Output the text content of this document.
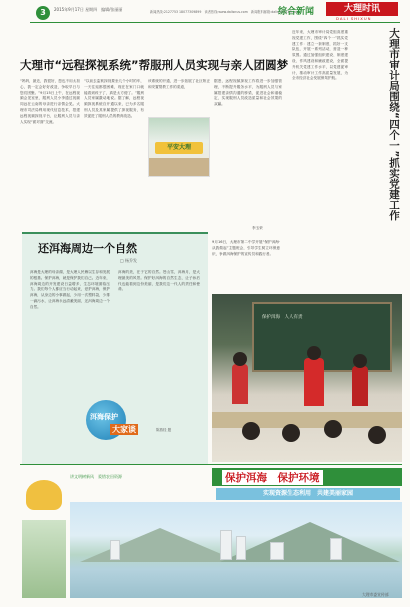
3	2015年9月17日 星期四　编辑/张丽丽	新闻热线:2127753 18077309899　读者热线:www.dalisnus.com　新闻报料邮箱:dalisnx@163.com
综合新闻	大理时讯
DALI SHIXUN
大理市“远程探视系统”帮服刑人员实现与亲人团圆梦
“妈妈，最近，我很好，您也不用太担心，我一定会好好改造，争取早日与您们团聚。”9月15日上午，在远程视频会见室里，服刑人员小李通过视频同远在云南的母亲进行亲情会见。大理市司法局利用现代信息技术，搭建远程视频探视平台，让服刑人员与亲人实现“面对面”交流。
“以前去监狱探视要坐几个小时的车，一天往返都很困难，现在在家门口就能看到孩子了，真是太方便了。”服刑人员家属激动地说。据了解，远程视频探视系统自开通以来，已为多名服刑人员及其家属提供了探视服务，有效促进了服刑人员的教育改造。
该系统的开通，进一步拓展了社区矫正和安置帮教工作的渠道，
平安大理
据悉，远程视频探视工作将进一步加强管理，不断提升服务水平，为服刑人员与家属搭建亲情沟通的桥梁，促进社会和谐稳定，实现服刑人员改造质量和社会效果的双赢。
李玉荣
近年来，大理市审计局党组高度重视党建工作，围绕“四个一”抓实党建工作：建立一套制度，抓好一支队伍，开展一系列活动，营造一种氛围。通过加强组织建设、制度建设、作风建设和廉政建设，全面提升机关党建工作水平，以党建促审计，推动审计工作高质量发展，为全市经济社会发展保驾护航。	大理市审计局围绕“四个一”抓实党建工作
还洱海周边一个自然
□ 杨乔发
洱海是大理的母亲湖，是大理人民赖以生存和发展的根基。保护洱海，就是保护我们自己。近年来，洱海周边的开发建设日益增多，生态环境面临压力。我们每个人都应当行动起来，爱护洱海，保护洱海，从身边的小事做起，少用一次塑料袋，少排一滴污水，让洱海永远清澈美丽，还洱海周边一个自然。
洱海的美，在于它的自然。苍山雪，洱海月，是大理最美的风景。保护好洱海的自然生态，让子孙后代也能看到这份美丽，是我们这一代人的责任和使命。
洱海保护
大家谈	陈燕桂 题
9月16日，大理市第二中学开展“保护洱海·从我做起”主题班会，引导学生树立环保意识，争做洱海保护的宣传员和践行者。
保护洱海　人人有责
讲文明树新风　爱惜农田资源	保护洱海　保护环境
实现资源生态利用　共建美丽家园
大理市委宣传部
